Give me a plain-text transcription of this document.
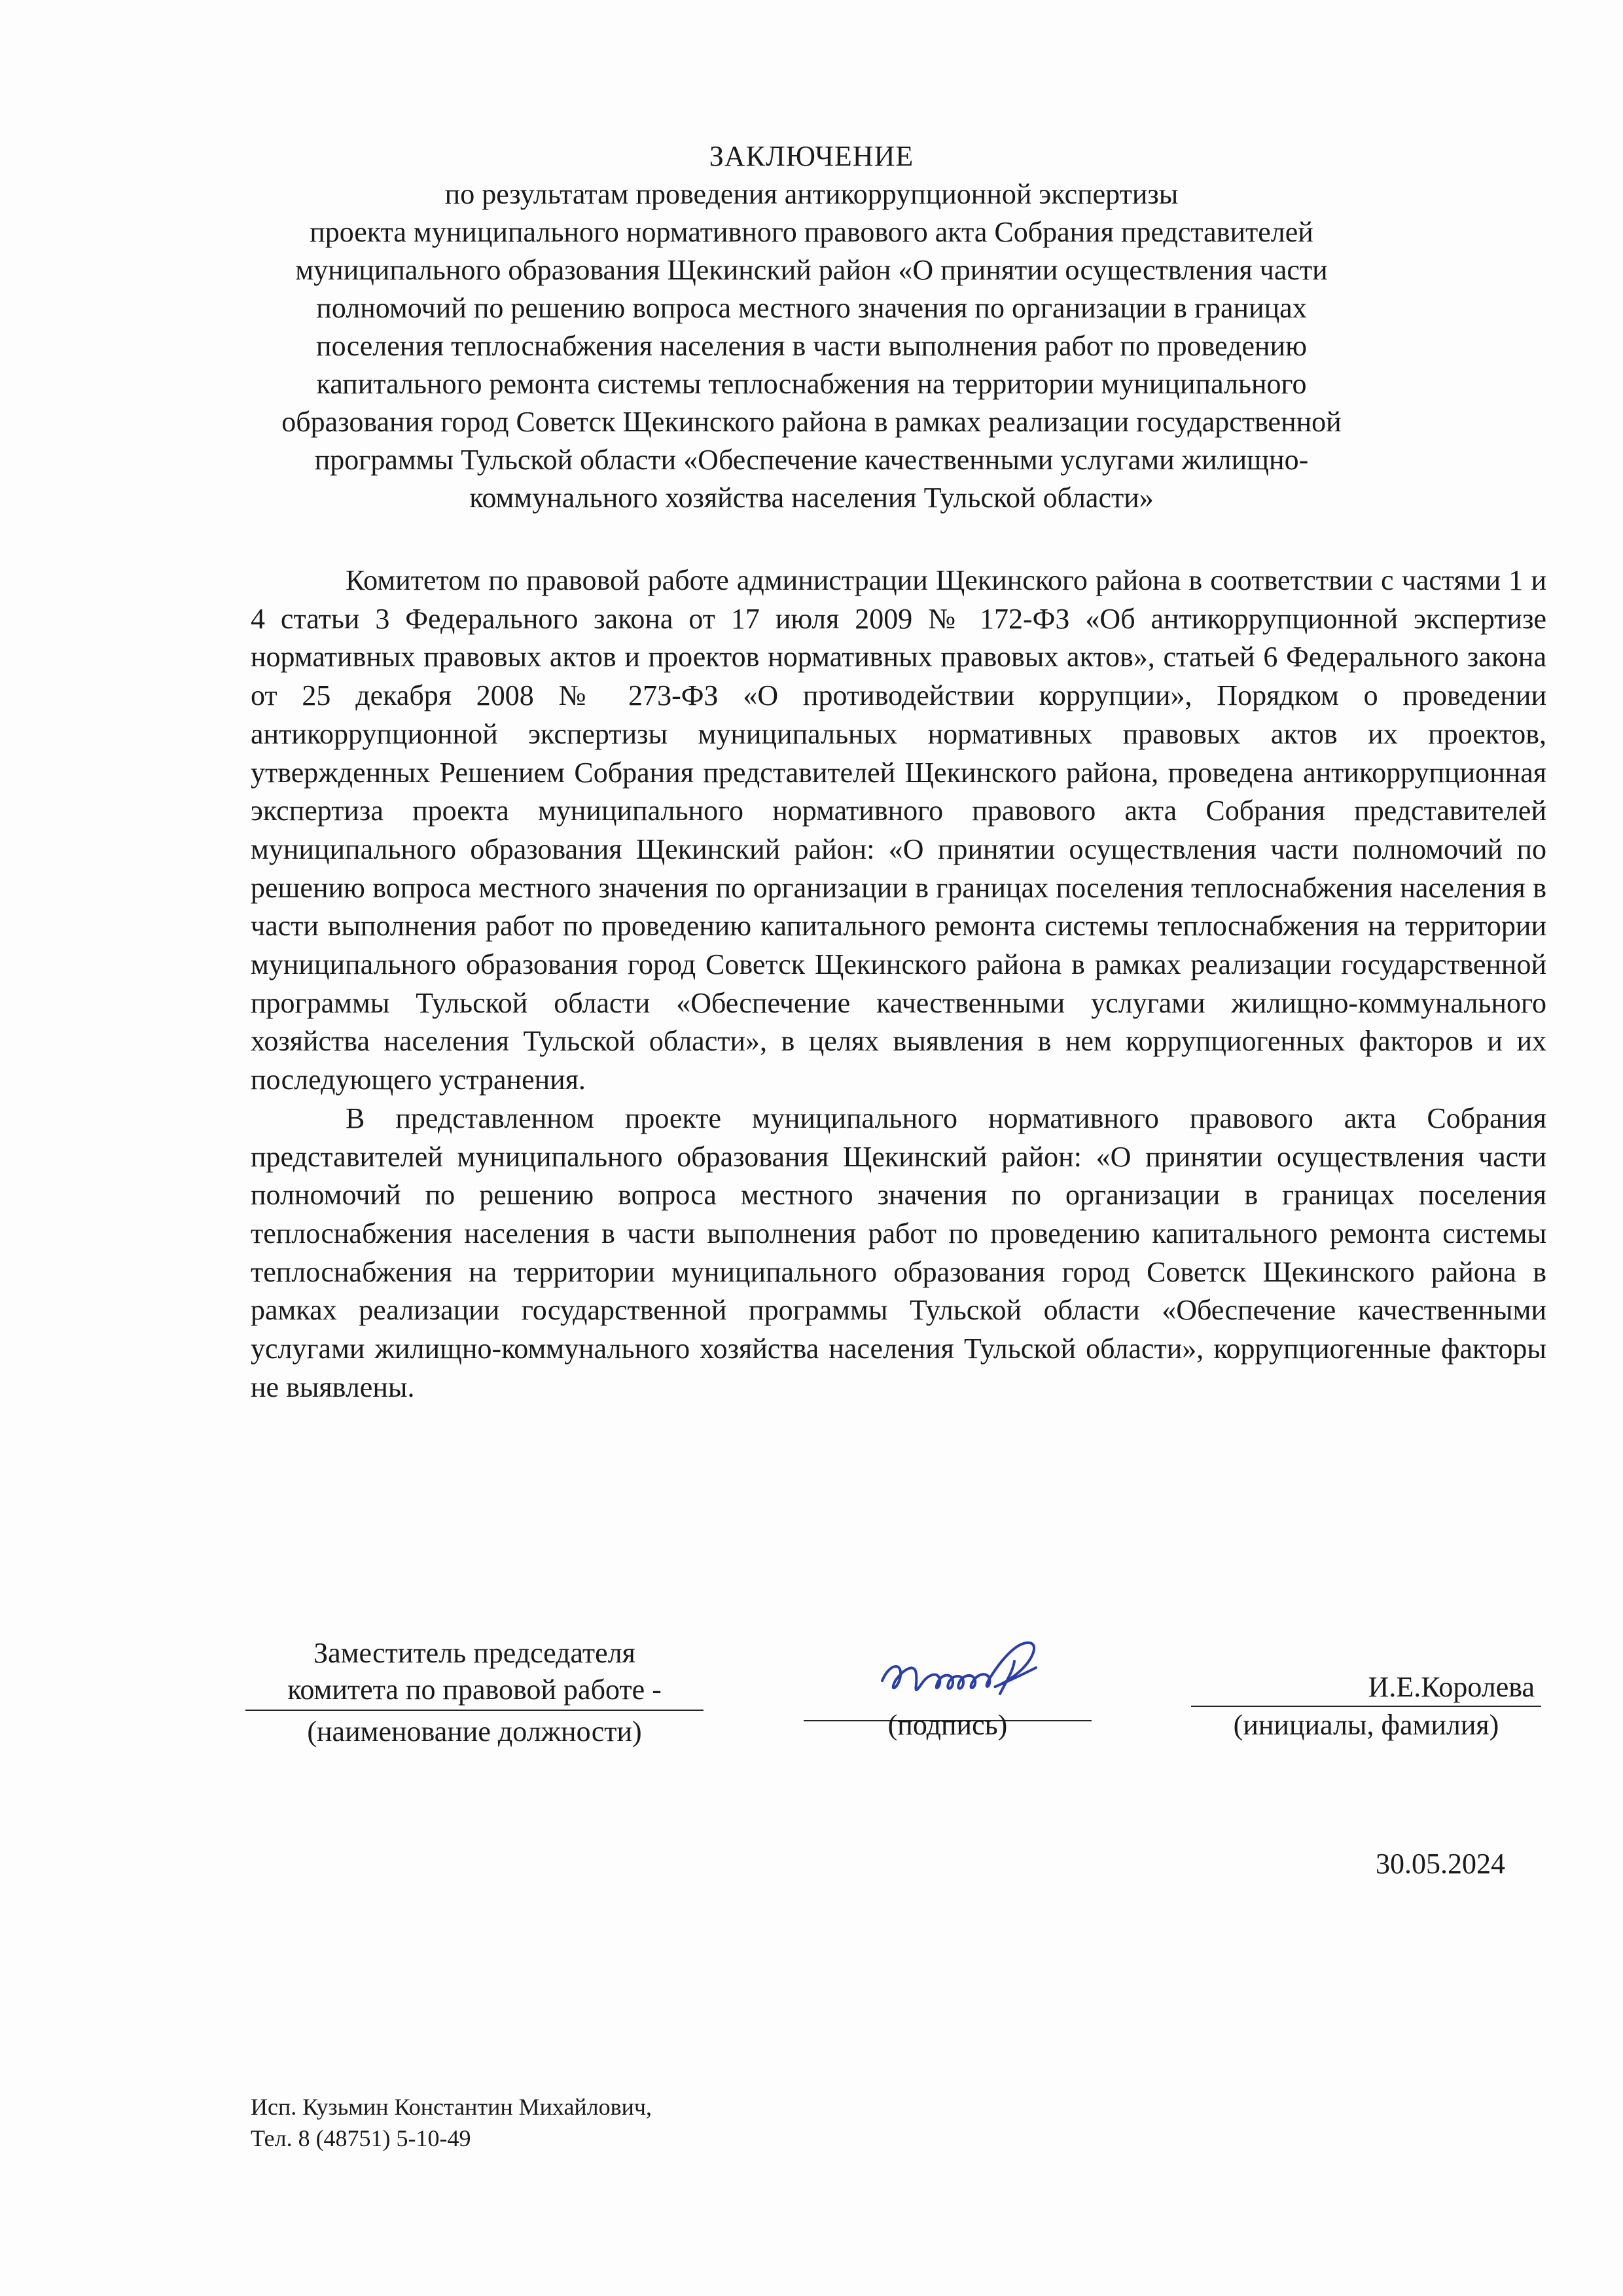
ЗАКЛЮЧЕНИЕ
по результатам проведения антикоррупционной экспертизы
проекта муниципального нормативного правового акта Собрания представителей
муниципального образования Щекинский район «О принятии осуществления части
полномочий по решению вопроса местного значения по организации в границах
поселения теплоснабжения населения в части выполнения работ по проведению
капитального ремонта системы теплоснабжения на территории муниципального
образования город Советск Щекинского района в рамках реализации государственной
программы Тульской области «Обеспечение качественными услугами жилищно-
коммунального хозяйства населения Тульской области»

Комитетом по правовой работе администрации Щекинского района в соответствии с частями 1 и 4 статьи 3 Федерального закона от 17 июля 2009 № 172-ФЗ «Об антикоррупционной экспертизе нормативных правовых актов и проектов нормативных правовых актов», статьей 6 Федерального закона от 25 декабря 2008 № 273-ФЗ «О противодействии коррупции», Порядком о проведении антикоррупционной экспертизы муниципальных нормативных правовых актов их проектов, утвержденных Решением Собрания представителей Щекинского района, проведена антикоррупционная экспертиза проекта муниципального нормативного правового акта Собрания представителей муниципального образования Щекинский район: «О принятии осуществления части полномочий по решению вопроса местного значения по организации в границах поселения теплоснабжения населения в части выполнения работ по проведению капитального ремонта системы теплоснабжения на территории муниципального образования город Советск Щекинского района в рамках реализации государственной программы Тульской области «Обеспечение качественными услугами жилищно-коммунального хозяйства населения Тульской области», в целях выявления в нем коррупциогенных факторов и их последующего устранения.

В представленном проекте муниципального нормативного правового акта Собрания представителей муниципального образования Щекинский район: «О принятии осуществления части полномочий по решению вопроса местного значения по организации в границах поселения теплоснабжения населения в части выполнения работ по проведению капитального ремонта системы теплоснабжения на территории муниципального образования город Советск Щекинского района в рамках реализации государственной программы Тульской области «Обеспечение качественными услугами жилищно-коммунального хозяйства населения Тульской области», коррупциогенные факторы не выявлены.

Заместитель председателя
комитета по правовой работе -
(наименование должности)	(подпись)
И.Е.Королева
(инициалы, фамилия)
30.05.2024
Исп. Кузьмин Константин Михайлович,
Тел. 8 (48751) 5-10-49
